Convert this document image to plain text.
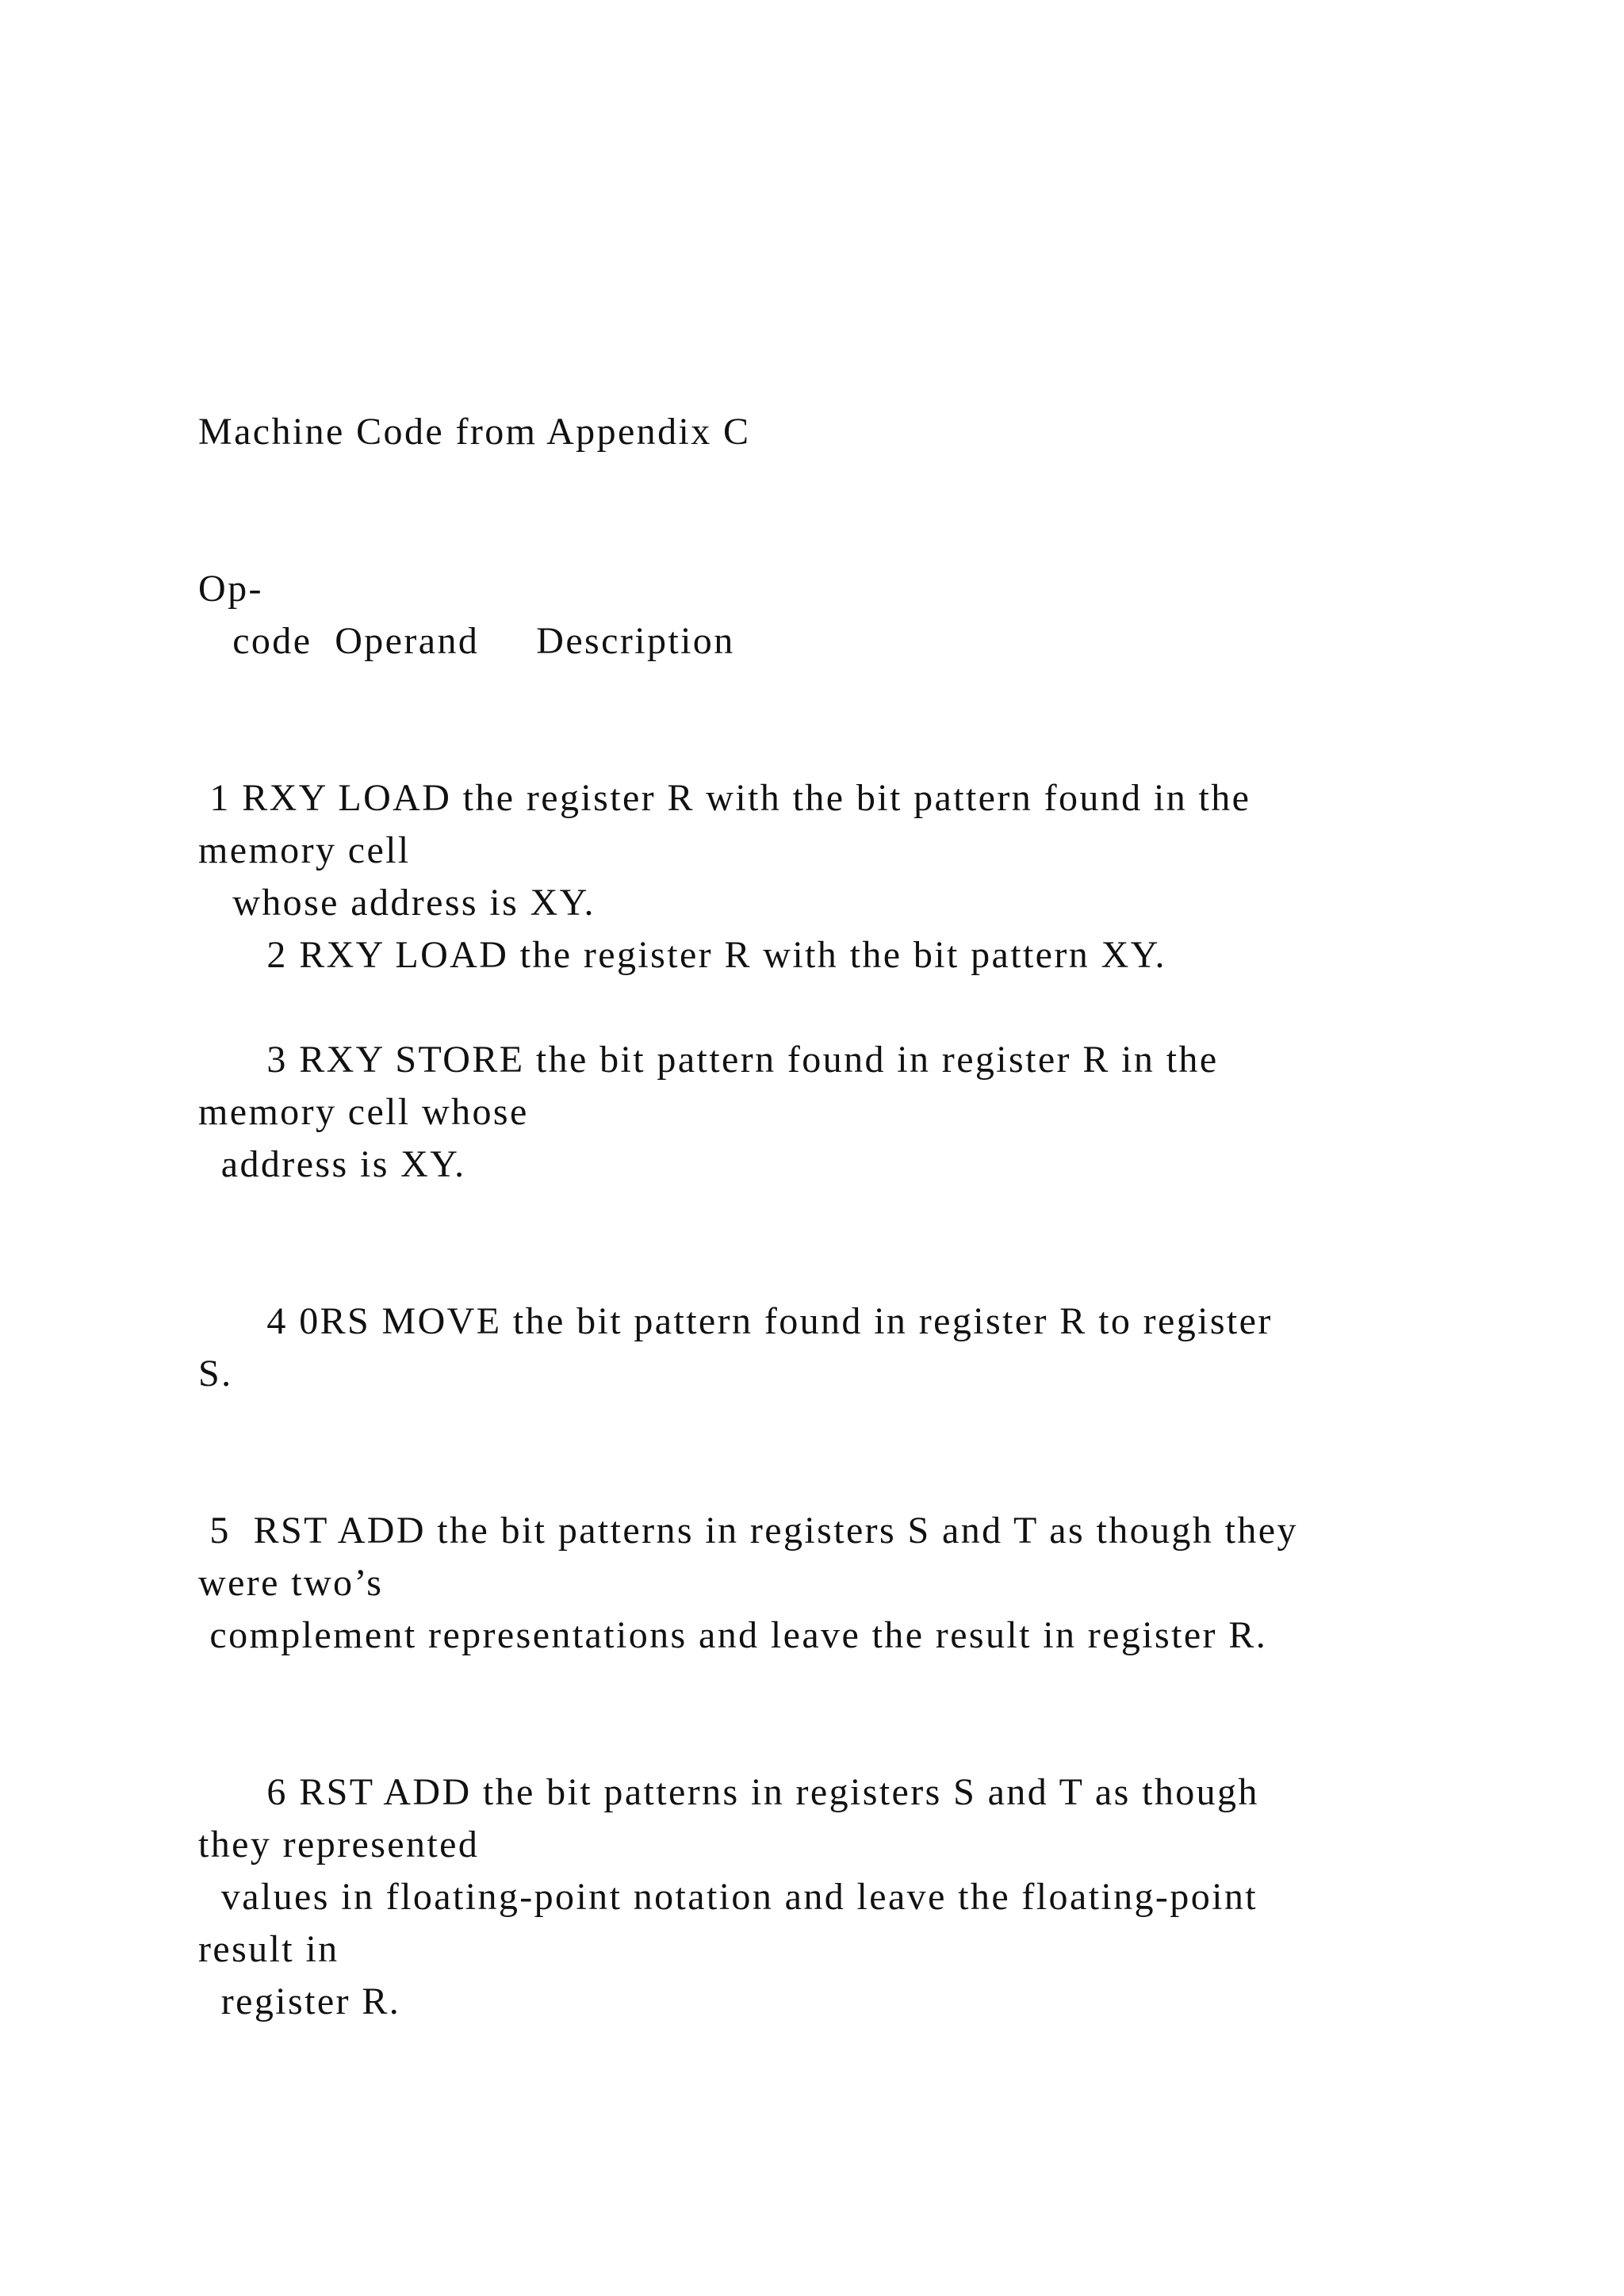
Machine Code from Appendix C

Op-

code  Operand     Description

1 RXY LOAD the register R with the bit pattern found in the

memory cell

whose address is XY.

2 RXY LOAD the register R with the bit pattern XY.

3 RXY STORE the bit pattern found in register R in the

memory cell whose

address is XY.

4 0RS MOVE the bit pattern found in register R to register

S.

5  RST ADD the bit patterns in registers S and T as though they

were two’s

complement representations and leave the result in register R.

6 RST ADD the bit patterns in registers S and T as though

they represented

values in floating-point notation and leave the floating-point

result in

register R.
